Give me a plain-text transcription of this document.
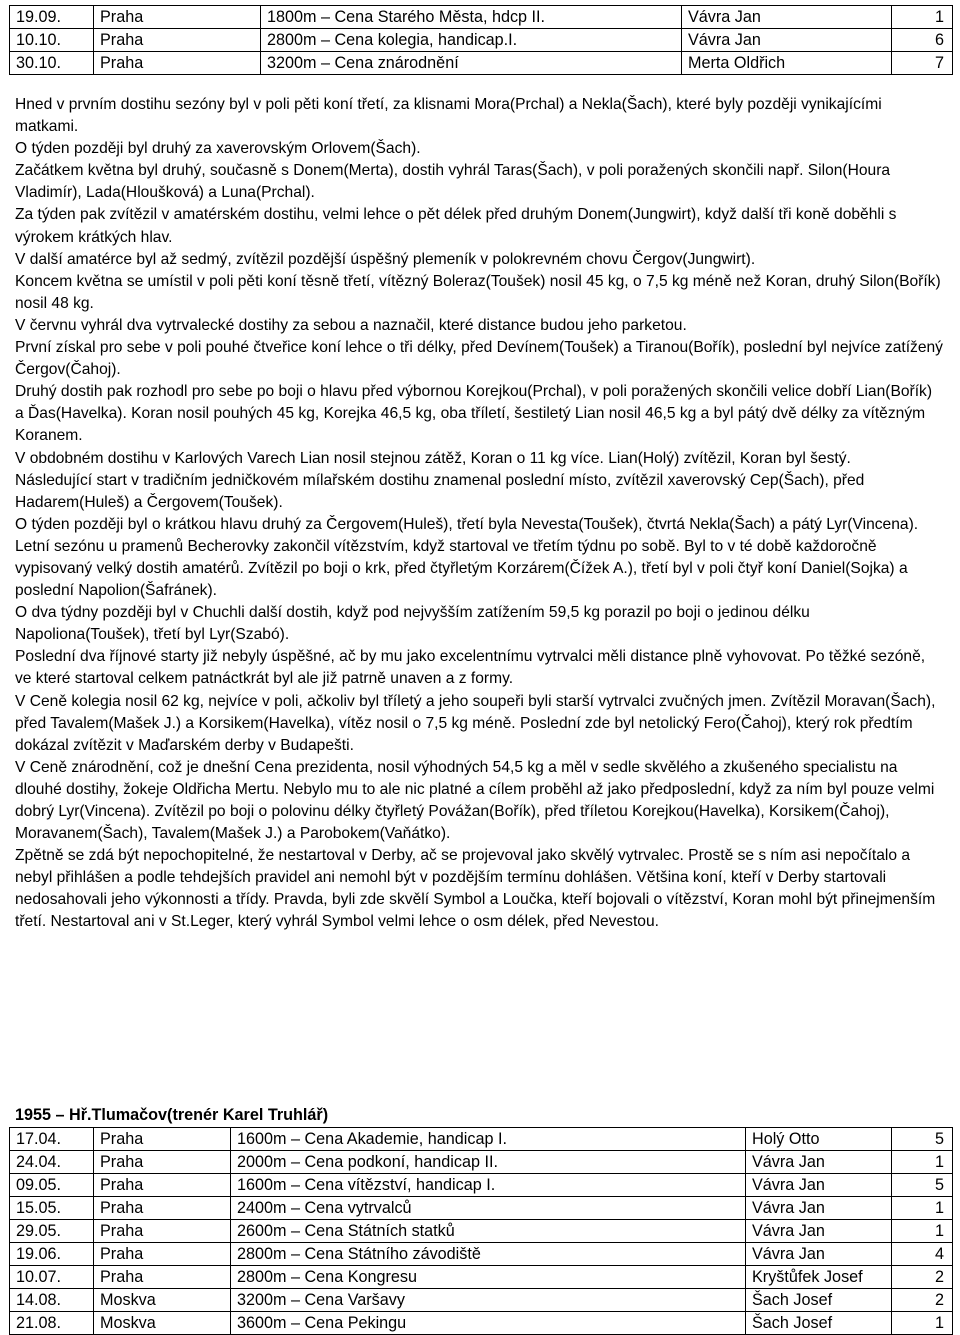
19.09.	Praha	1800m – Cena Starého Města, hdcp II.	Vávra Jan	1
10.10.	Praha	2800m – Cena kolegia, handicap.I.	Vávra Jan	6
30.10.	Praha	3200m – Cena znárodnění	Merta Oldřich	7

Hned v prvním dostihu sezóny byl v poli pěti koní třetí, za klisnami Mora(Prchal) a Nekla(Šach), které byly později vynikajícími matkami.

O týden později byl druhý za xaverovským Orlovem(Šach).

Začátkem května byl druhý, současně s Donem(Merta), dostih vyhrál Taras(Šach), v poli poražených skončili např. Silon(Houra Vladimír), Lada(Hloušková) a Luna(Prchal).

Za týden pak zvítězil v amatérském dostihu, velmi lehce o pět délek před druhým Donem(Jungwirt), když další tři koně doběhli s výrokem krátkých hlav.

V další amatérce byl až sedmý, zvítězil pozdější úspěšný plemeník v polokrevném chovu Čergov(Jungwirt).

Koncem května se umístil v poli pěti koní těsně třetí, vítězný Boleraz(Toušek) nosil 45 kg, o 7,5 kg méně než Koran, druhý Silon(Bořík) nosil 48 kg.

V červnu vyhrál dva vytrvalecké dostihy za sebou a naznačil, které distance budou jeho parketou.

První získal pro sebe v poli pouhé čtveřice koní lehce o tři délky, před Devínem(Toušek) a Tiranou(Bořík), poslední byl nejvíce zatížený Čergov(Čahoj).

Druhý dostih pak rozhodl pro sebe po boji o hlavu před výbornou Korejkou(Prchal), v poli poražených skončili velice dobří Lian(Bořík) a Ďas(Havelka). Koran nosil pouhých 45 kg, Korejka 46,5 kg, oba tříletí, šestiletý Lian nosil 46,5 kg a byl pátý dvě délky za vítězným Koranem.

V obdobném dostihu v Karlových Varech Lian nosil stejnou zátěž, Koran o 11 kg více. Lian(Holý) zvítězil, Koran byl šestý.

Následující start v tradičním jedničkovém mílařském dostihu znamenal poslední místo, zvítězil xaverovský Cep(Šach), před Hadarem(Huleš) a Čergovem(Toušek).

O týden později byl o krátkou hlavu druhý za Čergovem(Huleš), třetí byla Nevesta(Toušek), čtvrtá Nekla(Šach) a pátý Lyr(Vincena).

Letní sezónu u pramenů Becherovky zakončil vítězstvím, když startoval ve třetím týdnu po sobě. Byl to v té době každoročně vypisovaný velký dostih amatérů. Zvítězil po boji o krk, před čtyřletým Korzárem(Čížek A.), třetí byl v poli čtyř koní Daniel(Sojka) a poslední Napolion(Šafránek).

O dva týdny později byl v Chuchli další dostih, když pod nejvyšším zatížením 59,5 kg porazil po boji o jedinou délku Napoliona(Toušek), třetí byl Lyr(Szabó).

Poslední dva říjnové starty již nebyly úspěšné, ač by mu jako excelentnímu vytrvalci měli distance plně vyhovovat. Po těžké sezóně, ve které startoval celkem patnáctkrát byl ale již patrně unaven a z formy.

V Ceně kolegia nosil 62 kg, nejvíce v poli, ačkoliv byl tříletý a jeho soupeři byli starší vytrvalci zvučných jmen. Zvítězil Moravan(Šach), před Tavalem(Mašek J.) a Korsikem(Havelka), vítěz nosil o 7,5 kg méně. Poslední zde byl netolický Fero(Čahoj), který rok předtím dokázal zvítězit v Maďarském derby v Budapešti.

V Ceně znárodnění, což je dnešní Cena prezidenta, nosil výhodných 54,5 kg a měl v sedle skvělého a zkušeného specialistu na dlouhé dostihy, žokeje Oldřicha Mertu. Nebylo mu to ale nic platné a cílem proběhl až jako předposlední, když za ním byl pouze velmi dobrý Lyr(Vincena). Zvítězil po boji o polovinu délky čtyřletý Povážan(Bořík), před tříletou Korejkou(Havelka), Korsikem(Čahoj), Moravanem(Šach), Tavalem(Mašek J.) a Parobokem(Vaňátko).

Zpětně se zdá být nepochopitelné, že nestartoval v Derby, ač se projevoval jako skvělý vytrvalec. Prostě se s ním asi nepočítalo a nebyl přihlášen a podle tehdejších pravidel ani nemohl být v pozdějším termínu dohlášen. Většina koní, kteří v Derby startovali nedosahovali jeho výkonnosti a třídy. Pravda, byli zde skvělí Symbol a Loučka, kteří bojovali o vítězství, Koran mohl být přinejmenším třetí. Nestartoval ani v St.Leger, který vyhrál Symbol velmi lehce o osm délek, před Nevestou.

1955 – Hř.Tlumačov(trenér Karel Truhlář)
17.04.	Praha	1600m – Cena Akademie, handicap I.	Holý Otto	5
24.04.	Praha	2000m – Cena podkoní, handicap II.	Vávra Jan	1
09.05.	Praha	1600m – Cena vítězství, handicap I.	Vávra Jan	5
15.05.	Praha	2400m – Cena vytrvalců	Vávra Jan	1
29.05.	Praha	2600m – Cena Státních statků	Vávra Jan	1
19.06.	Praha	2800m – Cena Státního závodiště	Vávra Jan	4
10.07.	Praha	2800m – Cena Kongresu	Kryštůfek Josef	2
14.08.	Moskva	3200m – Cena Varšavy	Šach Josef	2
21.08.	Moskva	3600m – Cena Pekingu	Šach Josef	1
